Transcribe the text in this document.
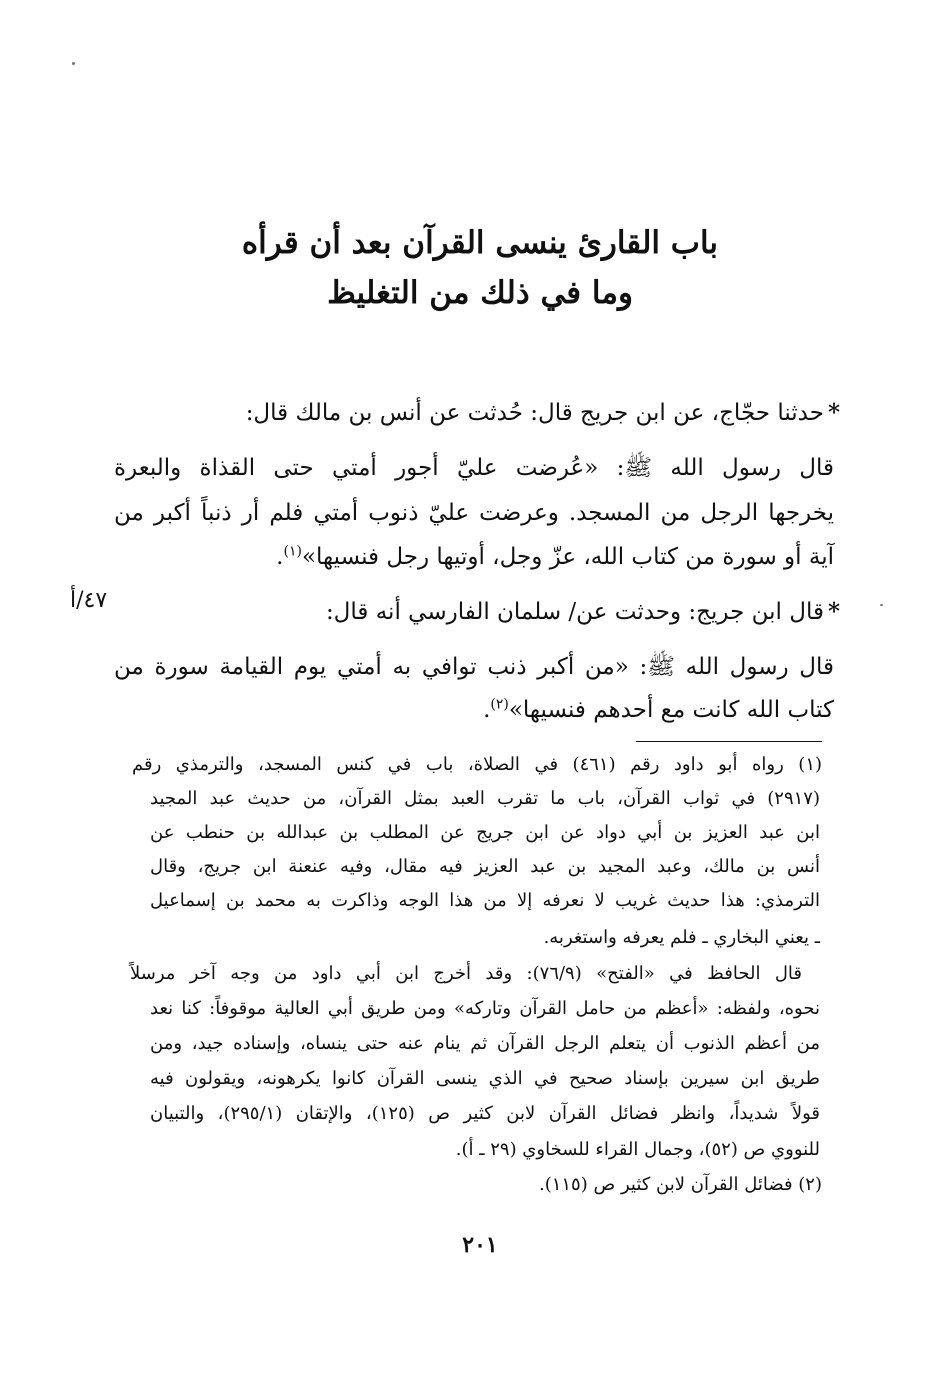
باب القارئ ينسى القرآن بعد أن قرأه
وما في ذلك من التغليظ
*حدثنا حجّاج، عن ابن جريج قال: حُدثت عن أنس بن مالك قال:
قال رسول الله ﷺ: «عُرضت عليّ أجور أمتي حتى القذاة والبعرة
يخرجها الرجل من المسجد. وعرضت عليّ ذنوب أمتي فلم أر ذنباً أكبر من
آية أو سورة من كتاب الله، عزّ وجل، أوتيها رجل فنسيها»$^{(١)}$.
*قال ابن جريج: وحدثت عن/ سلمان الفارسي أنه قال:
٤٧/أ
قال رسول الله ﷺ: «من أكبر ذنب توافي به أمتي يوم القيامة سورة من
كتاب الله كانت مع أحدهم فنسيها»$^{(٢)}$.
(١) رواه أبو داود رقم (٤٦١) في الصلاة، باب في كنس المسجد، والترمذي رقم
(٢٩١٧) في ثواب القرآن، باب ما تقرب العبد بمثل القرآن، من حديث عبد المجيد
ابن عبد العزيز بن أبي دواد عن ابن جريج عن المطلب بن عبدالله بن حنطب عن
أنس بن مالك، وعبد المجيد بن عبد العزيز فيه مقال، وفيه عنعنة ابن جريج، وقال
الترمذي: هذا حديث غريب لا نعرفه إلا من هذا الوجه وذاكرت به محمد بن إسماعيل
ـ يعني البخاري ـ فلم يعرفه واستغربه.
قال الحافظ في «الفتح» (٧٦/٩): وقد أخرج ابن أبي داود من وجه آخر مرسلاً
نحوه، ولفظه: «أعظم من حامل القرآن وتاركه» ومن طريق أبي العالية موقوفاً: كنا نعد
من أعظم الذنوب أن يتعلم الرجل القرآن ثم ينام عنه حتى ينساه، وإسناده جيد، ومن
طريق ابن سيرين بإسناد صحيح في الذي ينسى القرآن كانوا يكرهونه، ويقولون فيه
قولاً شديداً، وانظر فضائل القرآن لابن كثير ص (١٢٥)، والإتقان (٢٩٥/١)، والتبيان
للنووي ص (٥٢)، وجمال القراء للسخاوي (٢٩ ـ أ).
(٢) فضائل القرآن لابن كثير ص (١١٥).
٢٠١
